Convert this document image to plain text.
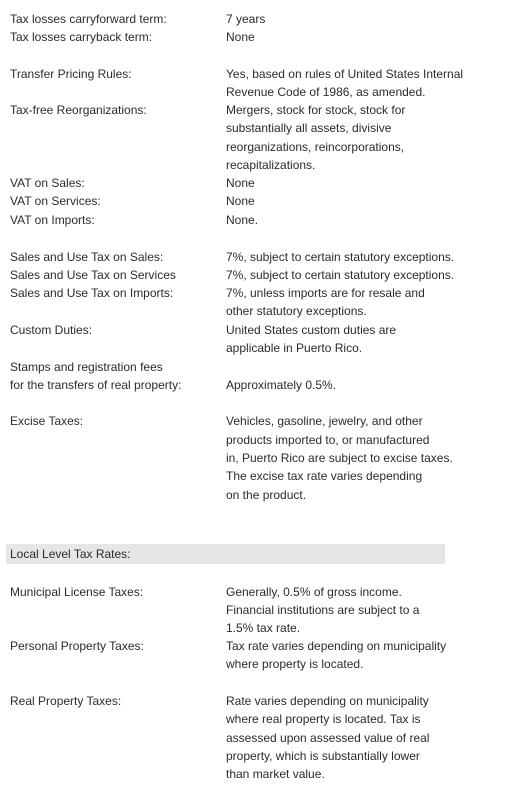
Tax losses carryforward term:	7 years
Tax losses carryback term:	None
Transfer Pricing Rules:	Yes, based on rules of United States Internal
Revenue Code of 1986, as amended.
Tax-free Reorganizations:	Mergers, stock for stock, stock for
substantially all assets, divisive
reorganizations, reincorporations,
recapitalizations.
VAT on Sales:	None
VAT on Services:	None
VAT on Imports:	None.
Sales and Use Tax on Sales:	7%, subject to certain statutory exceptions.
Sales and Use Tax on Services	7%, subject to certain statutory exceptions.
Sales and Use Tax on Imports:	7%, unless imports are for resale and
other statutory exceptions.
Custom Duties:	United States custom duties are
applicable in Puerto Rico.
Stamps and registration fees
for the transfers of real property:	Approximately 0.5%.
Excise Taxes:	Vehicles, gasoline, jewelry, and other
products imported to, or manufactured
in, Puerto Rico are subject to excise taxes.
The excise tax rate varies depending
on the product.
Local Level Tax Rates:
Municipal License Taxes:	Generally, 0.5% of gross income.
Financial institutions are subject to a
1.5% tax rate.
Personal Property Taxes:	Tax rate varies depending on municipality
where property is located.
Real Property Taxes:	Rate varies depending on municipality
where real property is located. Tax is
assessed upon assessed value of real
property, which is substantially lower
than market value.
